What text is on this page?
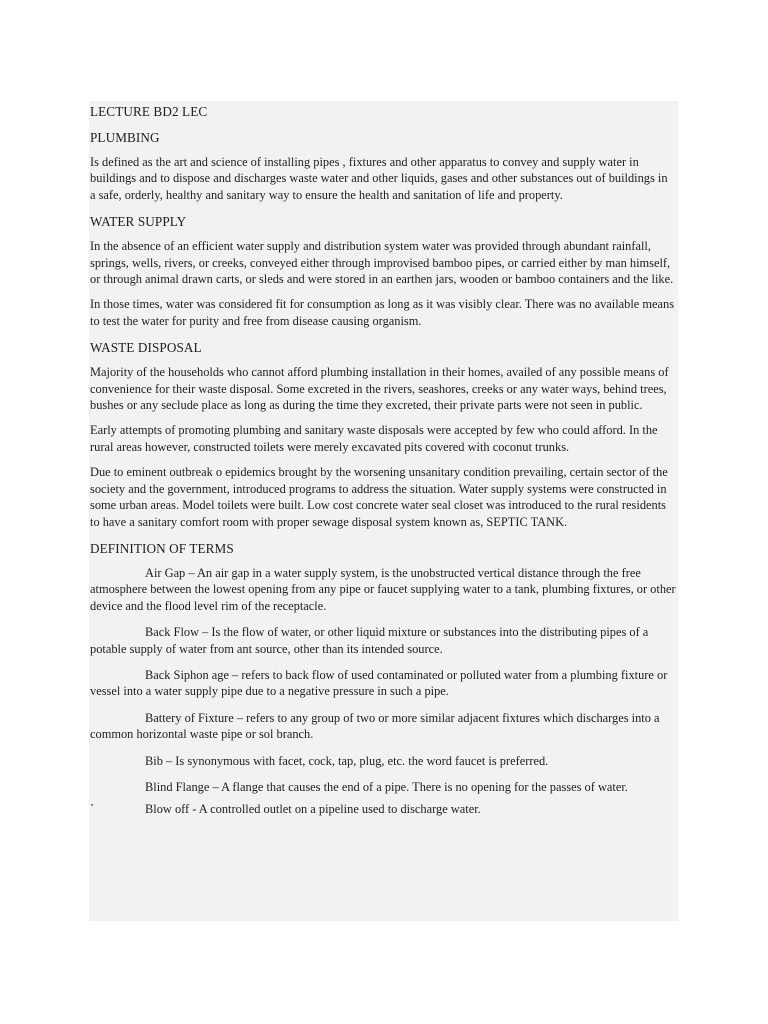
LECTURE BD2 LEC

PLUMBING

Is defined as the art and science of installing pipes , fixtures and other apparatus to convey and supply water in buildings and to dispose and discharges waste water and other liquids, gases and other substances out of buildings in a safe, orderly, healthy and sanitary way to ensure the health and sanitation of life and property.

WATER SUPPLY

In the absence of an efficient water supply and distribution system water was provided through abundant rainfall, springs, wells, rivers, or creeks, conveyed either through improvised bamboo pipes, or carried either by man himself, or through animal drawn carts, or sleds and were stored in an earthen jars, wooden or bamboo containers and the like.

In those times, water was considered fit for consumption as long as it was visibly clear. There was no available means to test the water for purity and free from disease causing organism.

WASTE DISPOSAL

Majority of the households who cannot afford plumbing installation in their homes, availed of any possible means of convenience for their waste disposal. Some excreted in the rivers, seashores, creeks or any water ways, behind trees, bushes or any seclude place as long as during the time they excreted, their private parts were not seen in public.

Early attempts of promoting plumbing and sanitary waste disposals were accepted by few who could afford. In the rural areas however, constructed toilets were merely excavated pits covered with coconut trunks.

Due to eminent outbreak o epidemics brought by the worsening unsanitary condition prevailing, certain sector of the society and the government, introduced programs to address the situation. Water supply systems were constructed in some urban areas. Model toilets were built. Low cost concrete water seal closet was introduced to the rural residents to have a sanitary comfort room with proper sewage disposal system known as, SEPTIC TANK.

DEFINITION OF TERMS

Air Gap – An air gap in a water supply system, is the unobstructed vertical distance through the free atmosphere between the lowest opening from any pipe or faucet supplying water to a tank, plumbing fixtures, or other device and the flood level rim of the receptacle.

Back Flow – Is the flow of water, or other liquid mixture or substances into the distributing pipes of a potable supply of water from ant source, other than its intended source.

Back Siphon age – refers to back flow of used contaminated or polluted water from a plumbing fixture or vessel into a water supply pipe due to a negative pressure in such a pipe.

Battery of Fixture – refers to any group of two or more similar adjacent fixtures which discharges into a common horizontal waste pipe or sol branch.

Bib – Is synonymous with facet, cock, tap, plug, etc. the word faucet is preferred.

Blind Flange – A flange that causes the end of a pipe. There is no opening for the passes of water.

`	Blow off - A controlled outlet on a pipeline used to discharge water.
